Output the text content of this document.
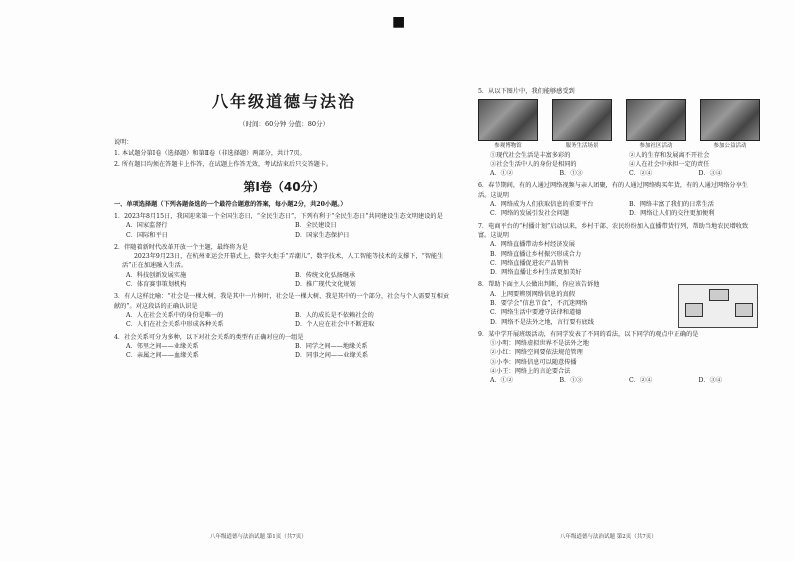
■
八年级道德与法治
（时间：60分钟 分值：80分）
说明：
1. 本试题分第Ⅰ卷（选择题）和第Ⅱ卷（非选择题）两部分，共计7页。
2. 所有题目均须在答题卡上作答，在试题上作答无效，考试结束后只交答题卡。
第Ⅰ卷（40分）
一、单项选择题（下列各题备选的一个最符合题意的答案，每小题2分，共20小题。）
1．2023年8月15日，我国迎来第一个全国生态日，“全民生态日”，下列有利于“全民生态日”共同建设生态文明建设的是
A．国家监督行	B．全民建设日
C．国际和平日	D．国家生态保护日
2．伴随着新时代改革开放一个主题，最终将为是
2023年9月23日，在杭州亚运会开幕式上，数字火炬手“弄潮儿”，数字技术、人工智能等技术的支撑下，“智能生活”正在加速融入生活。
A．科技创新发展实施	B．传统文化弘扬继承
C．体育赛事策划机构	D．推广现代文化规划
3．有人这样比喻：“社会是一棵大树，我是其中一片树叶，社会是一棵大树，我是其中的一个部分，社会与个人需要互相贡献的”。对这段话的正确认识是
A．人在社会关系中的身份是唯一的	B．人的成长是不依赖社会的
C．人们在社会关系中形成各种关系	D．个人应在社会中不断进取
4．社会关系可分为多种，以下对社会关系的类型有正确对应的一组是
A．邻里之间——业缘关系	B．同学之间——地缘关系
C．亲属之间——血缘关系	D．同事之间——业缘关系
八年级道德与法治试题 第1页（共7页）
5．从以下图片中，我们能够感受到
参观博物馆	服务生活场景	参加社区活动	参加公益活动
①现代社会生活是丰富多彩的	②人的生存和发展离不开社会
③社会生活中人的身份是相同的	④人在社会中承担一定的责任
A．①②	B．①③	C．②④	D．③④
6．春节期间，有的人通过网络视频与亲人团聚，有的人通过网络购买年货，有的人通过网络分享生活。这说明
A．网络成为人们获取信息的重要平台	B．网络丰富了我们的日常生活
C．网络的发展引发社会问题	D．网络让人们的交往更加便利
7．电商平台的“村播计划”启动以来，乡村干部、农民纷纷加入直播带货行列，帮助当地农民增收致富。这说明
A．网络直播带动乡村经济发展
B．网络直播让乡村振兴形成合力
C．网络直播促进农产品销售
D．网络直播让乡村生活更加美好
8．帮助下面主人公做出判断，你应该告诉他
A．上网要辨别网络信息的真假
B．要学会“信息节食”，不沉迷网络
C．网络生活中要遵守法律和道德
D．网络不是法外之地，言行要有底线
9．某中学开展班级活动，有同学发表了不同的看法，以下同学的观点中正确的是
①小明：网络虚拟世界不是法外之地
②小红：网络空间要依法规范管理
③小李：网络信息可以随意传播
④小王：网络上的言论要合法
A．①②	B．①③	C．②④	D．③④
八年级道德与法治试题 第2页（共7页）
